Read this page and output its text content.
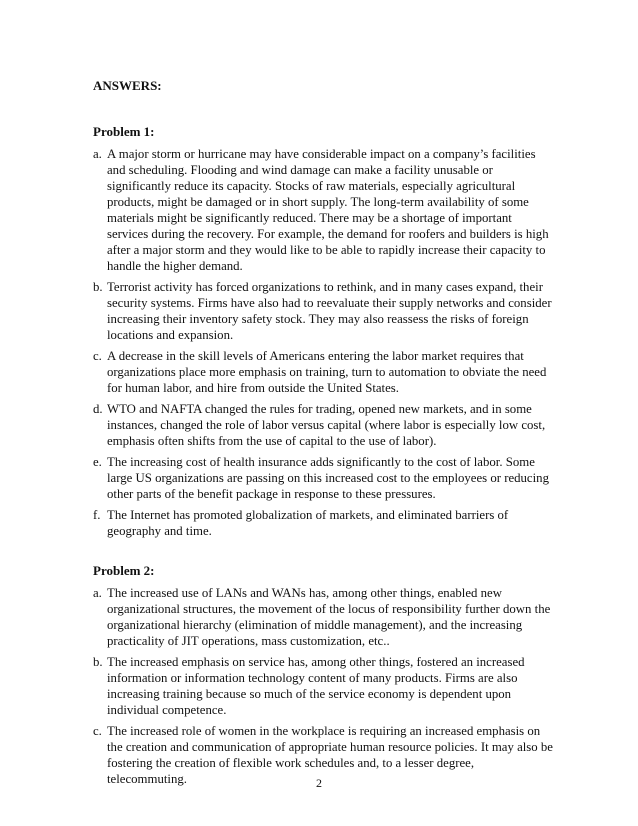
ANSWERS:

Problem 1:

a. A major storm or hurricane may have considerable impact on a company’s facilities and scheduling. Flooding and wind damage can make a facility unusable or significantly reduce its capacity. Stocks of raw materials, especially agricultural products, might be damaged or in short supply. The long-term availability of some materials might be significantly reduced. There may be a shortage of important services during the recovery. For example, the demand for roofers and builders is high after a major storm and they would like to be able to rapidly increase their capacity to handle the higher demand.
b. Terrorist activity has forced organizations to rethink, and in many cases expand, their security systems. Firms have also had to reevaluate their supply networks and consider increasing their inventory safety stock. They may also reassess the risks of foreign locations and expansion.
c. A decrease in the skill levels of Americans entering the labor market requires that organizations place more emphasis on training, turn to automation to obviate the need for human labor, and hire from outside the United States.
d. WTO and NAFTA changed the rules for trading, opened new markets, and in some instances, changed the role of labor versus capital (where labor is especially low cost, emphasis often shifts from the use of capital to the use of labor).
e. The increasing cost of health insurance adds significantly to the cost of labor. Some large US organizations are passing on this increased cost to the employees or reducing other parts of the benefit package in response to these pressures.
f. The Internet has promoted globalization of markets, and eliminated barriers of geography and time.

Problem 2:

a. The increased use of LANs and WANs has, among other things, enabled new organizational structures, the movement of the locus of responsibility further down the organizational hierarchy (elimination of middle management), and the increasing practicality of JIT operations, mass customization, etc..
b. The increased emphasis on service has, among other things, fostered an increased information or information technology content of many products. Firms are also increasing training because so much of the service economy is dependent upon individual competence.
c. The increased role of women in the workplace is requiring an increased emphasis on the creation and communication of appropriate human resource policies. It may also be fostering the creation of flexible work schedules and, to a lesser degree, telecommuting.	2
